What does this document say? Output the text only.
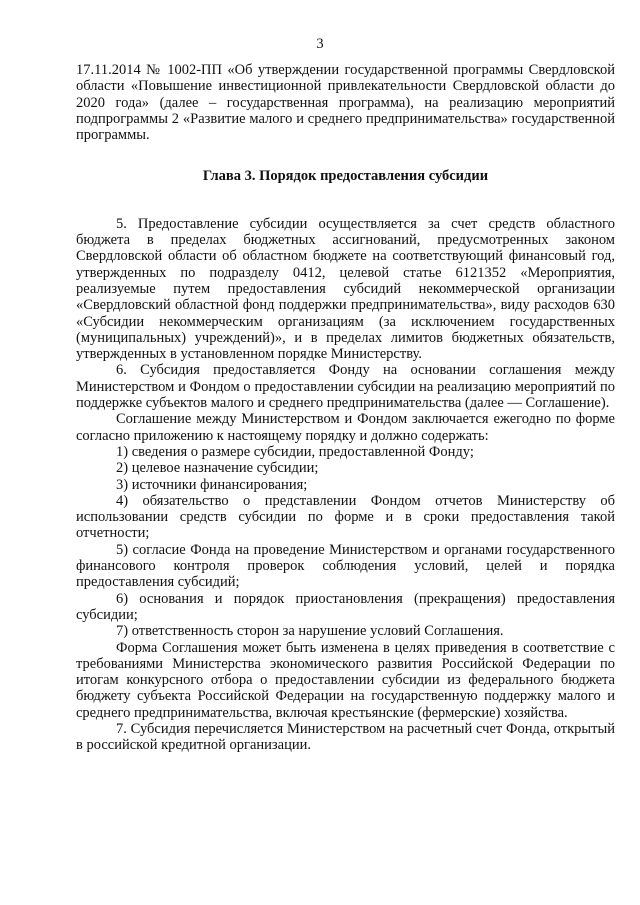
3

17.11.2014 № 1002-ПП «Об утверждении государственной программы Свердловской области «Повышение инвестиционной привлекательности Свердловской области до 2020 года» (далее – государственная программа), на реализацию мероприятий подпрограммы 2 «Развитие малого и среднего предпринимательства» государственной программы.

Глава 3. Порядок предоставления субсидии

5. Предоставление субсидии осуществляется за счет средств областного бюджета в пределах бюджетных ассигнований, предусмотренных законом Свердловской области об областном бюджете на соответствующий финансовый год, утвержденных по подразделу 0412, целевой статье 6121352 «Мероприятия, реализуемые путем предоставления субсидий некоммерческой организации «Свердловский областной фонд поддержки предпринимательства», виду расходов 630 «Субсидии некоммерческим организациям (за исключением государственных (муниципальных) учреждений)», и в пределах лимитов бюджетных обязательств, утвержденных в установленном порядке Министерству.

6. Субсидия предоставляется Фонду на основании соглашения между Министерством и Фондом о предоставлении субсидии на реализацию мероприятий по поддержке субъектов малого и среднего предпринимательства (далее — Соглашение).

Соглашение между Министерством и Фондом заключается ежегодно по форме согласно приложению к настоящему порядку и должно содержать:

1) сведения о размере субсидии, предоставленной Фонду;

2) целевое назначение субсидии;

3) источники финансирования;

4) обязательство о представлении Фондом отчетов Министерству об использовании средств субсидии по форме и в сроки предоставления такой отчетности;

5) согласие Фонда на проведение Министерством и органами государственного финансового контроля проверок соблюдения условий, целей и порядка предоставления субсидий;

6) основания и порядок приостановления (прекращения) предоставления субсидии;

7) ответственность сторон за нарушение условий Соглашения.

Форма Соглашения может быть изменена в целях приведения в соответствие с требованиями Министерства экономического развития Российской Федерации по итогам конкурсного отбора о предоставлении субсидии из федерального бюджета бюджету субъекта Российской Федерации на государственную поддержку малого и среднего предпринимательства, включая крестьянские (фермерские) хозяйства.

7. Субсидия перечисляется Министерством на расчетный счет Фонда, открытый в российской кредитной организации.
